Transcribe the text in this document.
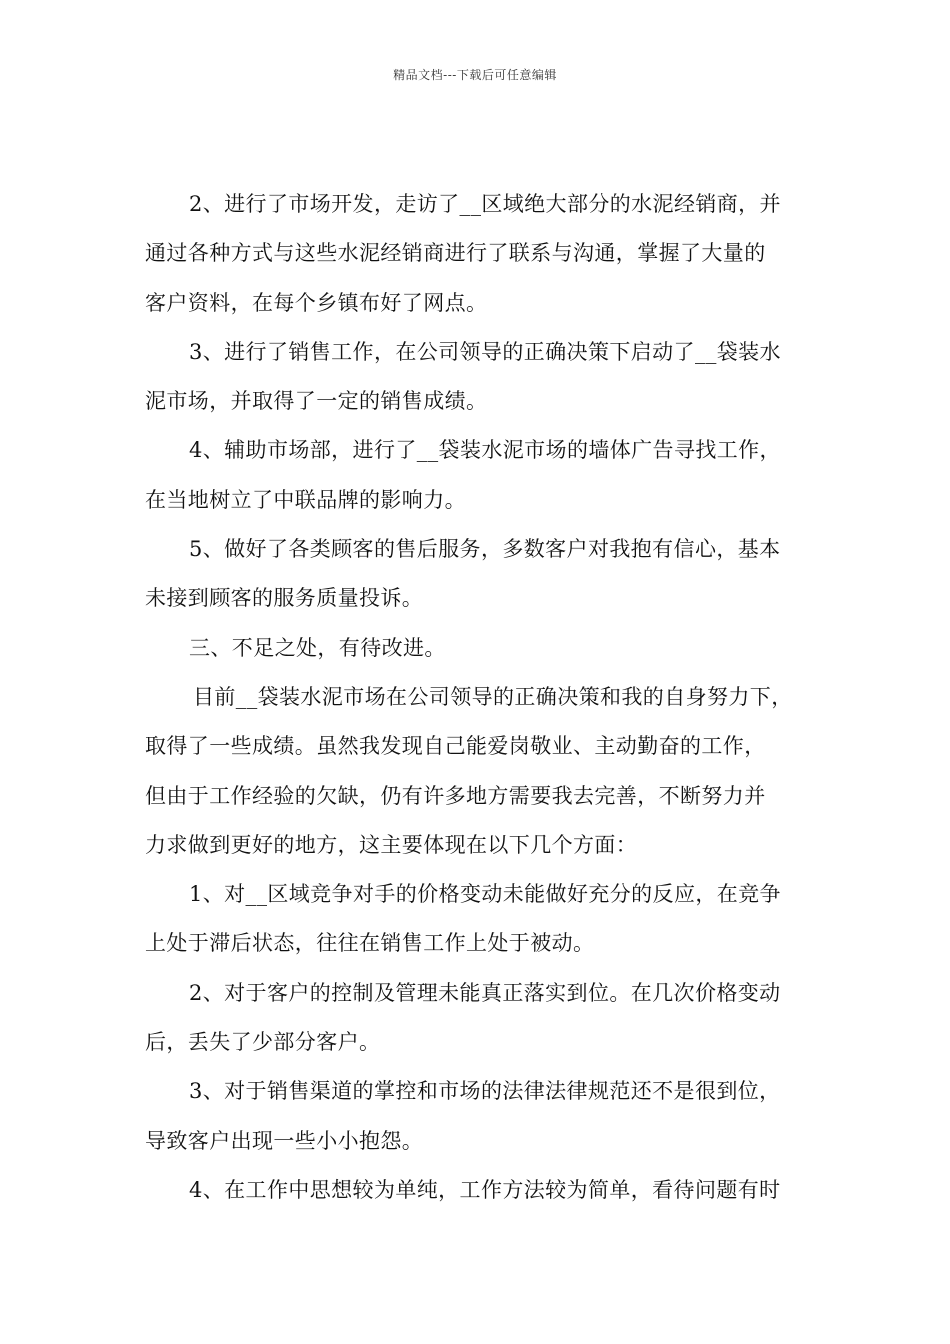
精品文档---下载后可任意编辑
2、进行了市场开发，走访了__区域绝大部分的水泥经销商，并
通过各种方式与这些水泥经销商进行了联系与沟通，掌握了大量的
客户资料，在每个乡镇布好了网点。
3、进行了销售工作，在公司领导的正确决策下启动了__袋装水
泥市场，并取得了一定的销售成绩。
4、辅助市场部，进行了__袋装水泥市场的墙体广告寻找工作，
在当地树立了中联品牌的影响力。
5、做好了各类顾客的售后服务，多数客户对我抱有信心，基本
未接到顾客的服务质量投诉。
三、不足之处，有待改进。
目前__袋装水泥市场在公司领导的正确决策和我的自身努力下，
取得了一些成绩。虽然我发现自己能爱岗敬业、主动勤奋的工作，
但由于工作经验的欠缺，仍有许多地方需要我去完善，不断努力并
力求做到更好的地方，这主要体现在以下几个方面：
1、对__区域竞争对手的价格变动未能做好充分的反应，在竞争
上处于滞后状态，往往在销售工作上处于被动。
2、对于客户的控制及管理未能真正落实到位。在几次价格变动
后，丢失了少部分客户。
3、对于销售渠道的掌控和市场的法律法律规范还不是很到位，
导致客户出现一些小小抱怨。
4、在工作中思想较为单纯，工作方法较为简单，看待问题有时
